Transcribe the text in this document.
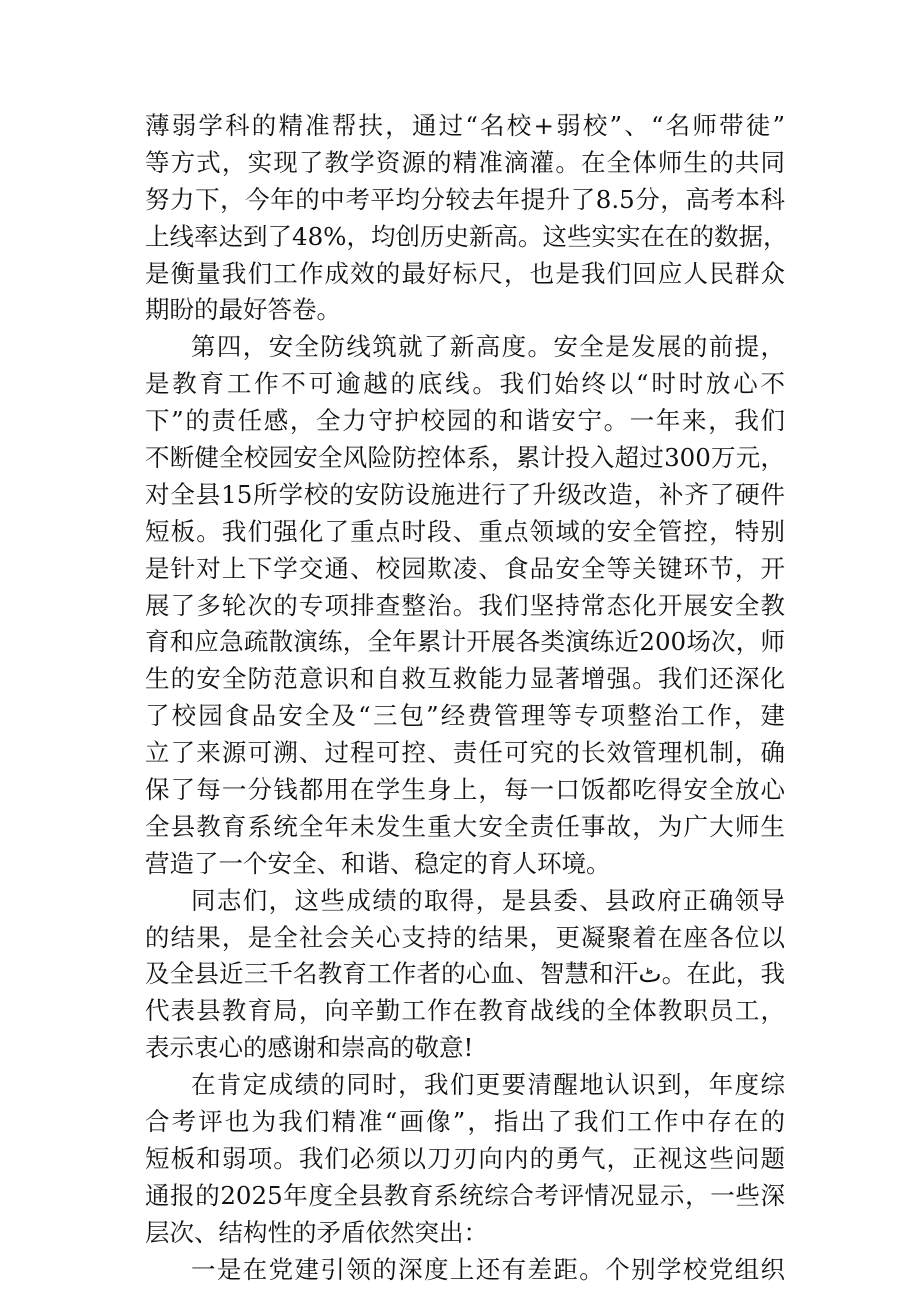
薄弱学科的精准帮扶，通过“名校+弱校”、“名师带徒”
等方式，实现了教学资源的精准滴灌。在全体师生的共同
努力下，今年的中考平均分较去年提升了8.5分，高考本科
上线率达到了48%，均创历史新高。这些实实在在的数据，
是衡量我们工作成效的最好标尺，也是我们回应人民群众
期盼的最好答卷。
第四，安全防线筑就了新高度。安全是发展的前提，
是教育工作不可逾越的底线。我们始终以“时时放心不
下”的责任感，全力守护校园的和谐安宁。一年来，我们
不断健全校园安全风险防控体系，累计投入超过300万元，
对全县15所学校的安防设施进行了升级改造，补齐了硬件
短板。我们强化了重点时段、重点领域的安全管控，特别
是针对上下学交通、校园欺凌、食品安全等关键环节，开
展了多轮次的专项排查整治。我们坚持常态化开展安全教
育和应急疏散演练，全年累计开展各类演练近200场次，师
生的安全防范意识和自救互救能力显著增强。我们还深化
了校园食品安全及“三包”经费管理等专项整治工作，建
立了来源可溯、过程可控、责任可究的长效管理机制，确
保了每一分钱都用在学生身上，每一口饭都吃得安全放心
全县教育系统全年未发生重大安全责任事故，为广大师生
营造了一个安全、和谐、稳定的育人环境。
同志们，这些成绩的取得，是县委、县政府正确领导
的结果，是全社会关心支持的结果，更凝聚着在座各位以
及全县近三千名教育工作者的心血、智慧和汗ٹ。在此，我
代表县教育局，向辛勤工作在教育战线的全体教职员工，
表示衷心的感谢和崇高的敬意!
在肯定成绩的同时，我们更要清醒地认识到，年度综
合考评也为我们精准“画像”，指出了我们工作中存在的
短板和弱项。我们必须以刀刃向内的勇气，正视这些问题
通报的2025年度全县教育系统综合考评情况显示，一些深
层次、结构性的矛盾依然突出：
一是在党建引领的深度上还有差距。个别学校党组织
